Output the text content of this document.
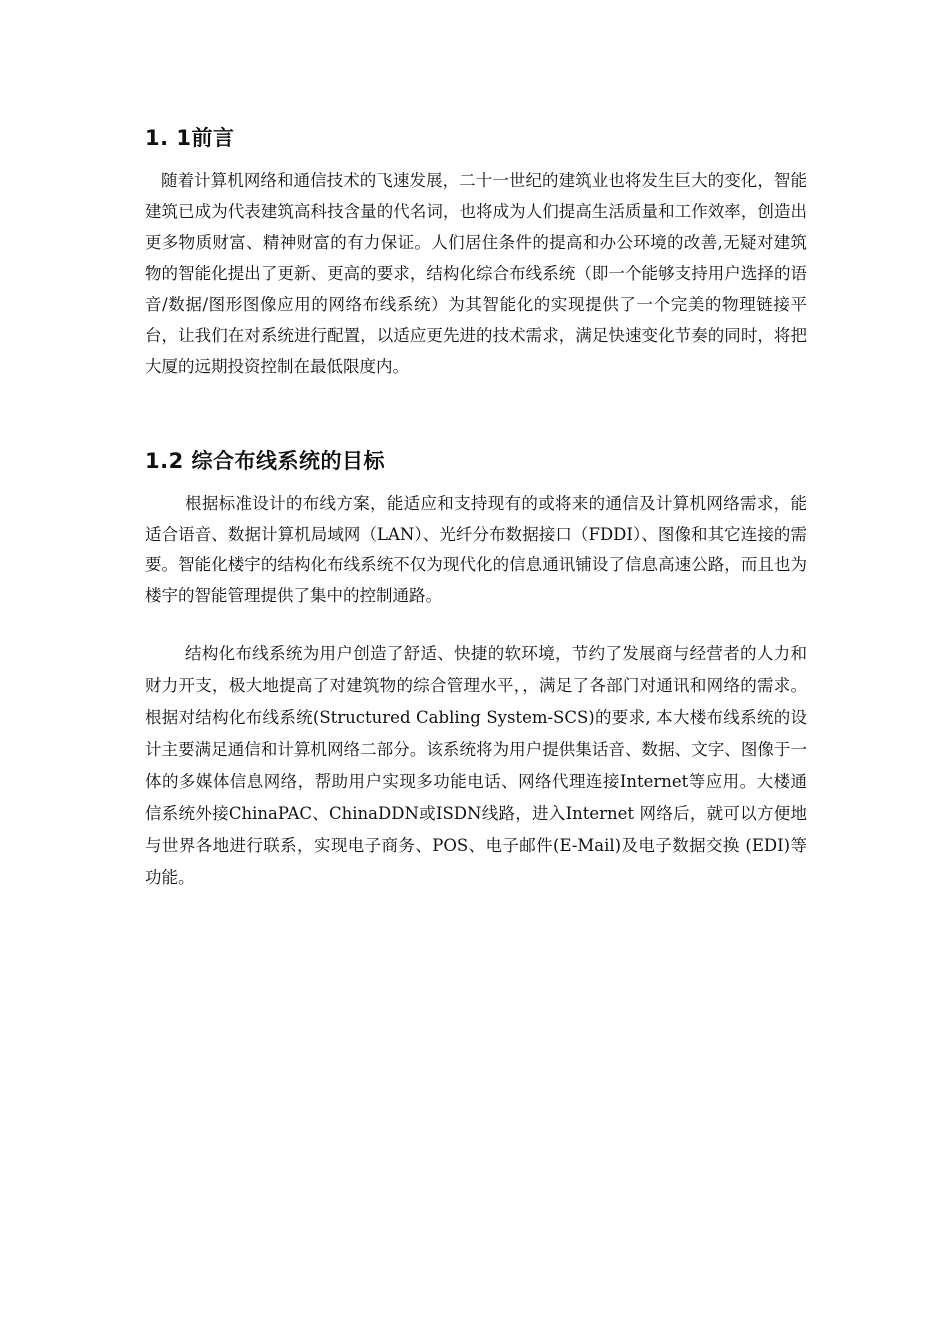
1. 1前言

随着计算机网络和通信技术的飞速发展，二十一世纪的建筑业也将发生巨大的变化，智能建筑已成为代表建筑高科技含量的代名词，也将成为人们提高生活质量和工作效率，创造出更多物质财富、精神财富的有力保证。人们居住条件的提高和办公环境的改善,无疑对建筑物的智能化提出了更新、更高的要求，结构化综合布线系统（即一个能够支持用户选择的语音/数据/图形图像应用的网络布线系统）为其智能化的实现提供了一个完美的物理链接平台，让我们在对系统进行配置，以适应更先进的技术需求，满足快速变化节奏的同时，将把大厦的远期投资控制在最低限度内。

1.2 综合布线系统的目标

根据标准设计的布线方案，能适应和支持现有的或将来的通信及计算机网络需求，能适合语音、数据计算机局域网（LAN）、光纤分布数据接口（FDDI）、图像和其它连接的需要。智能化楼宇的结构化布线系统不仅为现代化的信息通讯铺设了信息高速公路，而且也为楼宇的智能管理提供了集中的控制通路。

结构化布线系统为用户创造了舒适、快捷的软环境，节约了发展商与经营者的人力和财力开支，极大地提高了对建筑物的综合管理水平，，满足了各部门对通讯和网络的需求。根据对结构化布线系统(Structured Cabling System-SCS)的要求, 本大楼布线系统的设计主要满足通信和计算机网络二部分。该系统将为用户提供集话音、数据、文字、图像于一体的多媒体信息网络，帮助用户实现多功能电话、网络代理连接Internet等应用。大楼通信系统外接ChinaPAC、ChinaDDN或ISDN线路，进入Internet 网络后，就可以方便地与世界各地进行联系，实现电子商务、POS、电子邮件(E-Mail)及电子数据交换 (EDI)等功能。
